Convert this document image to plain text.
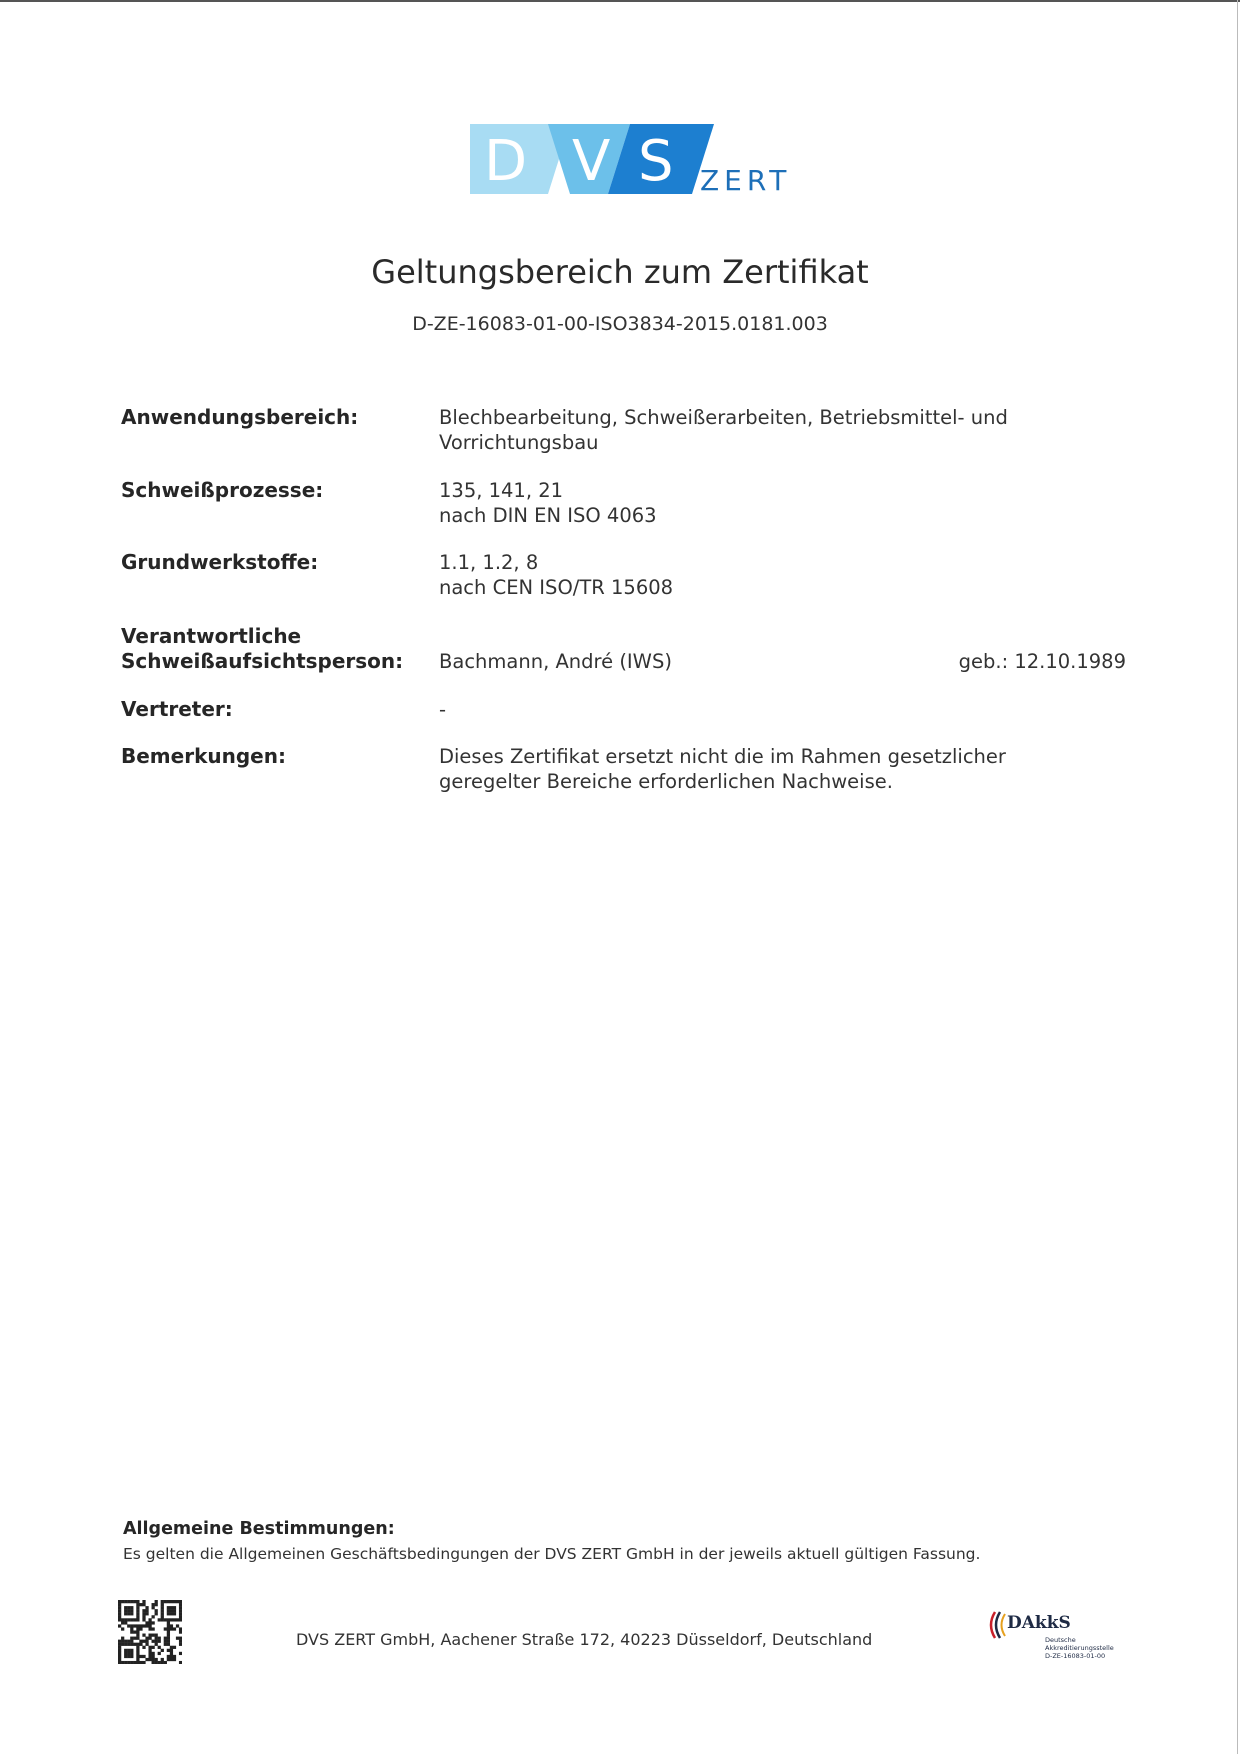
D V S ZERT
Geltungsbereich zum Zertifikat
D-ZE-16083-01-00-ISO3834-2015.0181.003
Anwendungsbereich:	Blechbearbeitung, Schweißerarbeiten, Betriebsmittel- und
Vorrichtungsbau
Schweißprozesse:	135, 141, 21
nach DIN EN ISO 4063
Grundwerkstoffe:	1.1, 1.2, 8
nach CEN ISO/TR 15608
Verantwortliche
Schweißaufsichtsperson:	Bachmann, André (IWS)	geb.: 12.10.1989
Vertreter:	-
Bemerkungen:	Dieses Zertifikat ersetzt nicht die im Rahmen gesetzlicher
geregelter Bereiche erforderlichen Nachweise.
Allgemeine Bestimmungen:
Es gelten die Allgemeinen Geschäftsbedingungen der DVS ZERT GmbH in der jeweils aktuell gültigen Fassung.
DVS ZERT GmbH, Aachener Straße 172, 40223 Düsseldorf, Deutschland
DAkkS
Deutsche
Akkreditierungsstelle
D-ZE-16083-01-00
